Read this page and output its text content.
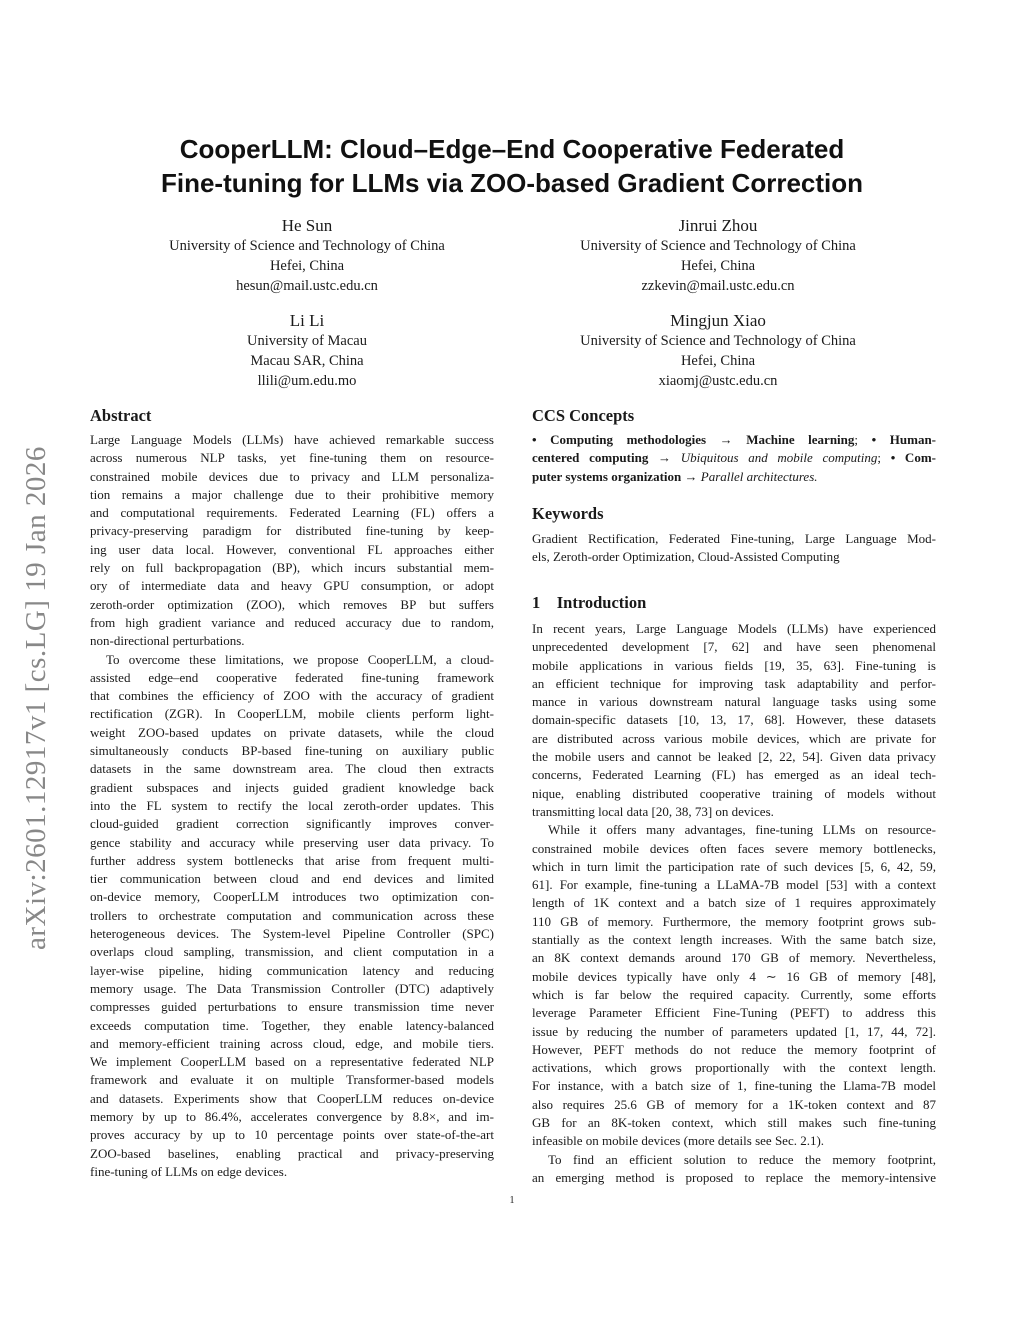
arXiv:2601.12917v1 [cs.LG] 19 Jan 2026
CooperLLM: Cloud–Edge–End Cooperative Federated
Fine-tuning for LLMs via ZOO-based Gradient Correction
He Sun
University of Science and Technology of China
Hefei, China
hesun@mail.ustc.edu.cn
Jinrui Zhou
University of Science and Technology of China
Hefei, China
zzkevin@mail.ustc.edu.cn
Li Li
University of Macau
Macau SAR, China
llili@um.edu.mo
Mingjun Xiao
University of Science and Technology of China
Hefei, China
xiaomj@ustc.edu.cn
Abstract
Large Language Models (LLMs) have achieved remarkable success
across numerous NLP tasks, yet fine-tuning them on resource-
constrained mobile devices due to privacy and LLM personaliza-
tion remains a major challenge due to their prohibitive memory
and computational requirements. Federated Learning (FL) offers a
privacy-preserving paradigm for distributed fine-tuning by keep-
ing user data local. However, conventional FL approaches either
rely on full backpropagation (BP), which incurs substantial mem-
ory of intermediate data and heavy GPU consumption, or adopt
zeroth-order optimization (ZOO), which removes BP but suffers
from high gradient variance and reduced accuracy due to random,
non-directional perturbations.
To overcome these limitations, we propose CooperLLM, a cloud-
assisted edge–end cooperative federated fine-tuning framework
that combines the efficiency of ZOO with the accuracy of gradient
rectification (ZGR). In CooperLLM, mobile clients perform light-
weight ZOO-based updates on private datasets, while the cloud
simultaneously conducts BP-based fine-tuning on auxiliary public
datasets in the same downstream area. The cloud then extracts
gradient subspaces and injects guided gradient knowledge back
into the FL system to rectify the local zeroth-order updates. This
cloud-guided gradient correction significantly improves conver-
gence stability and accuracy while preserving user data privacy. To
further address system bottlenecks that arise from frequent multi-
tier communication between cloud and end devices and limited
on-device memory, CooperLLM introduces two optimization con-
trollers to orchestrate computation and communication across these
heterogeneous devices. The System-level Pipeline Controller (SPC)
overlaps cloud sampling, transmission, and client computation in a
layer-wise pipeline, hiding communication latency and reducing
memory usage. The Data Transmission Controller (DTC) adaptively
compresses guided perturbations to ensure transmission time never
exceeds computation time. Together, they enable latency-balanced
and memory-efficient training across cloud, edge, and mobile tiers.
We implement CooperLLM based on a representative federated NLP
framework and evaluate it on multiple Transformer-based models
and datasets. Experiments show that CooperLLM reduces on-device
memory by up to 86.4%, accelerates convergence by 8.8×, and im-
proves accuracy by up to 10 percentage points over state-of-the-art
ZOO-based baselines, enabling practical and privacy-preserving
fine-tuning of LLMs on edge devices.
CCS Concepts
• Computing methodologies → Machine learning; • Human-
centered computing → Ubiquitous and mobile computing; • Com-
puter systems organization → Parallel architectures.
Keywords
Gradient Rectification, Federated Fine-tuning, Large Language Mod-
els, Zeroth-order Optimization, Cloud-Assisted Computing
1    Introduction
In recent years, Large Language Models (LLMs) have experienced
unprecedented development [7, 62] and have seen phenomenal
mobile applications in various fields [19, 35, 63]. Fine-tuning is
an efficient technique for improving task adaptability and perfor-
mance in various downstream natural language tasks using some
domain-specific datasets [10, 13, 17, 68]. However, these datasets
are distributed across various mobile devices, which are private for
the mobile users and cannot be leaked [2, 22, 54]. Given data privacy
concerns, Federated Learning (FL) has emerged as an ideal tech-
nique, enabling distributed cooperative training of models without
transmitting local data [20, 38, 73] on devices.
While it offers many advantages, fine-tuning LLMs on resource-
constrained mobile devices often faces severe memory bottlenecks,
which in turn limit the participation rate of such devices [5, 6, 42, 59,
61]. For example, fine-tuning a LLaMA-7B model [53] with a context
length of 1K context and a batch size of 1 requires approximately
110 GB of memory. Furthermore, the memory footprint grows sub-
stantially as the context length increases. With the same batch size,
an 8K context demands around 170 GB of memory. Nevertheless,
mobile devices typically have only 4 ∼ 16 GB of memory [48],
which is far below the required capacity. Currently, some efforts
leverage Parameter Efficient Fine-Tuning (PEFT) to address this
issue by reducing the number of parameters updated [1, 17, 44, 72].
However, PEFT methods do not reduce the memory footprint of
activations, which grows proportionally with the context length.
For instance, with a batch size of 1, fine-tuning the Llama-7B model
also requires 25.6 GB of memory for a 1K-token context and 87
GB for an 8K-token context, which still makes such fine-tuning
infeasible on mobile devices (more details see Sec. 2.1).
To find an efficient solution to reduce the memory footprint,
an emerging method is proposed to replace the memory-intensive
1
